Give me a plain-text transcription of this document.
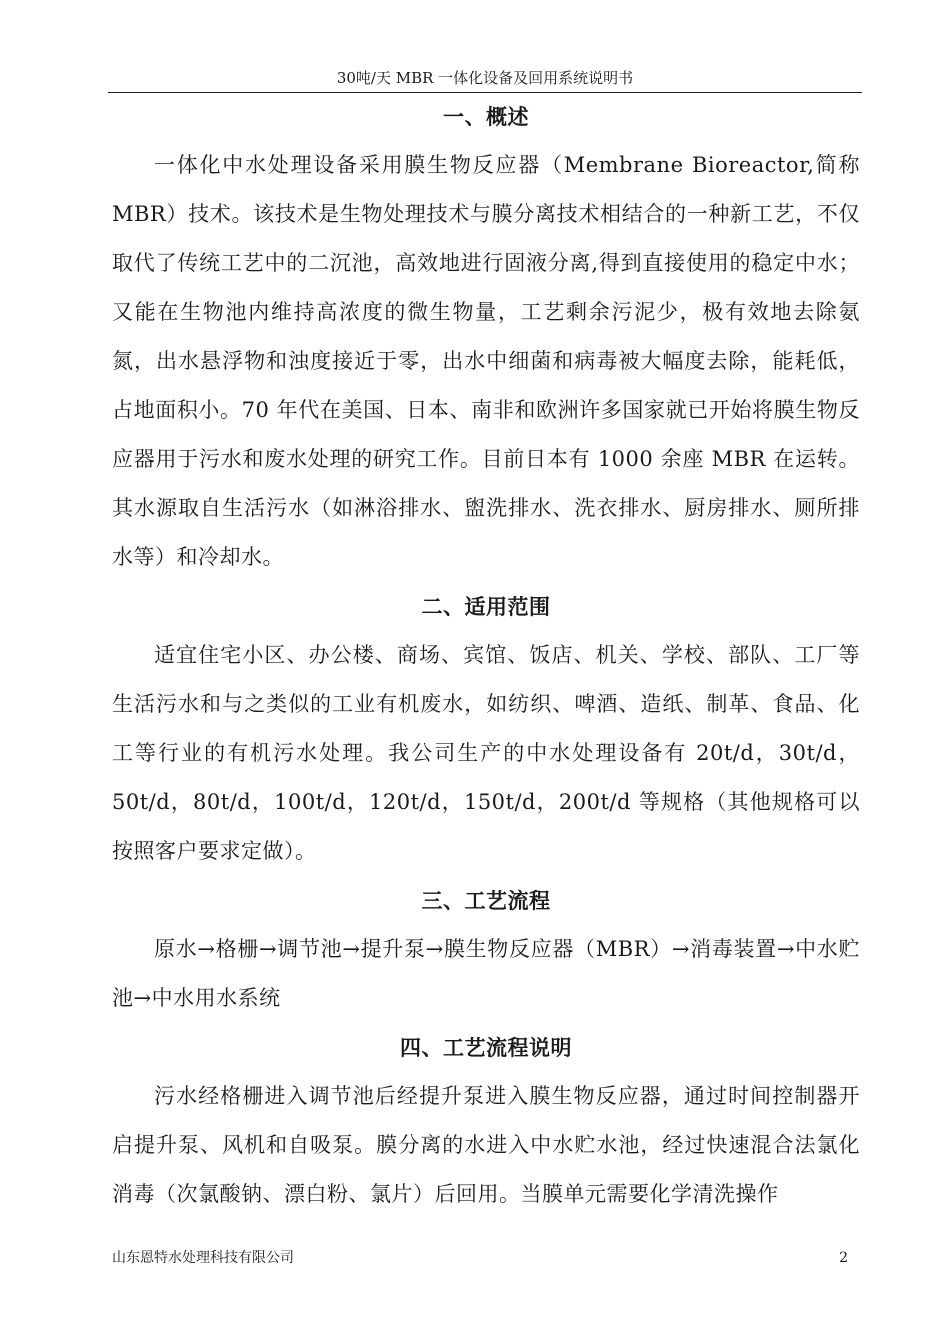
30吨/天 MBR 一体化设备及回用系统说明书
一、概述

一体化中水处理设备采用膜生物反应器（Membrane Bioreactor,简称 MBR）技术。该技术是生物处理技术与膜分离技术相结合的一种新工艺，不仅取代了传统工艺中的二沉池，高效地进行固液分离,得到直接使用的稳定中水；又能在生物池内维持高浓度的微生物量，工艺剩余污泥少，极有效地去除氨氮，出水悬浮物和浊度接近于零，出水中细菌和病毒被大幅度去除，能耗低，占地面积小。70 年代在美国、日本、南非和欧洲许多国家就已开始将膜生物反应器用于污水和废水处理的研究工作。目前日本有 1000 余座 MBR 在运转。其水源取自生活污水（如淋浴排水、盥洗排水、洗衣排水、厨房排水、厕所排水等）和冷却水。

二、适用范围

适宜住宅小区、办公楼、商场、宾馆、饭店、机关、学校、部队、工厂等生活污水和与之类似的工业有机废水，如纺织、啤酒、造纸、制革、食品、化工等行业的有机污水处理。我公司生产的中水处理设备有 20t/d，30t/d，50t/d，80t/d，100t/d，120t/d，150t/d，200t/d 等规格（其他规格可以按照客户要求定做）。

三、工艺流程

原水→格栅→调节池→提升泵→膜生物反应器（MBR）→消毒装置→中水贮池→中水用水系统

四、工艺流程说明

污水经格栅进入调节池后经提升泵进入膜生物反应器，通过时间控制器开启提升泵、风机和自吸泵。膜分离的水进入中水贮水池，经过快速混合法氯化消毒（次氯酸钠、漂白粉、氯片）后回用。当膜单元需要化学清洗操作

山东恩特水处理科技有限公司	2
